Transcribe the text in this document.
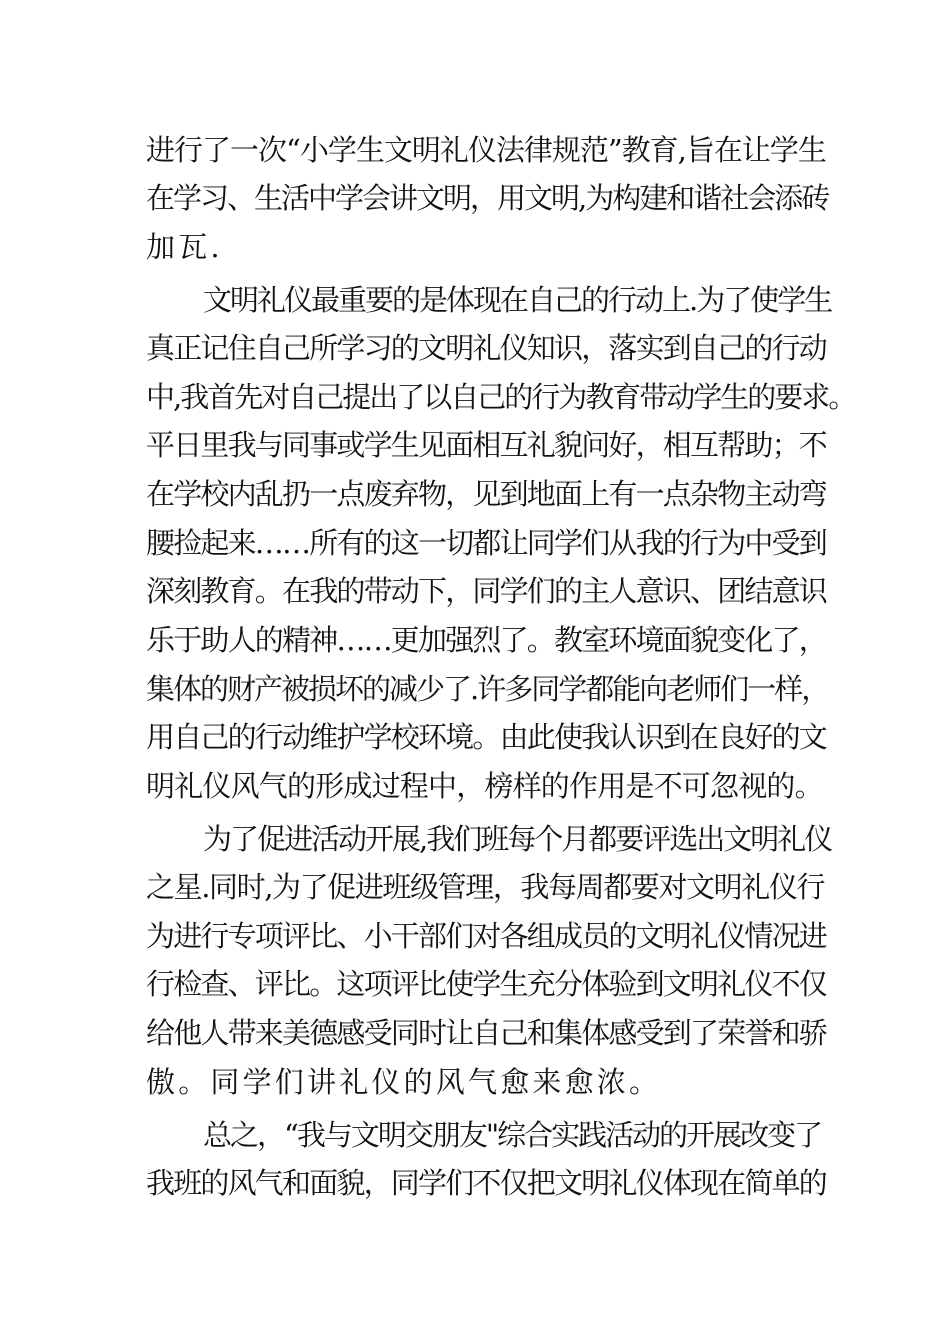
进行了一次“小学生文明礼仪法律规范”教育,旨在让学生
在学习、生活中学会讲文明，用文明,为构建和谐社会添砖
加瓦.
文明礼仪最重要的是体现在自己的行动上.为了使学生
真正记住自己所学习的文明礼仪知识，落实到自己的行动
中,我首先对自己提出了以自己的行为教育带动学生的要求。
平日里我与同事或学生见面相互礼貌问好，相互帮助；不
在学校内乱扔一点废弃物，见到地面上有一点杂物主动弯
腰捡起来……所有的这一切都让同学们从我的行为中受到
深刻教育。在我的带动下，同学们的主人意识、团结意识
乐于助人的精神……更加强烈了。教室环境面貌变化了，
集体的财产被损坏的减少了.许多同学都能向老师们一样，
用自己的行动维护学校环境。由此使我认识到在良好的文
明礼仪风气的形成过程中，榜样的作用是不可忽视的。
为了促进活动开展,我们班每个月都要评选出文明礼仪
之星.同时,为了促进班级管理，我每周都要对文明礼仪行
为进行专项评比、小干部们对各组成员的文明礼仪情况进
行检查、评比。这项评比使学生充分体验到文明礼仪不仅
给他人带来美德感受同时让自己和集体感受到了荣誉和骄
傲。同学们讲礼仪的风气愈来愈浓。
总之，“我与文明交朋友"综合实践活动的开展改变了
我班的风气和面貌，同学们不仅把文明礼仪体现在简单的
